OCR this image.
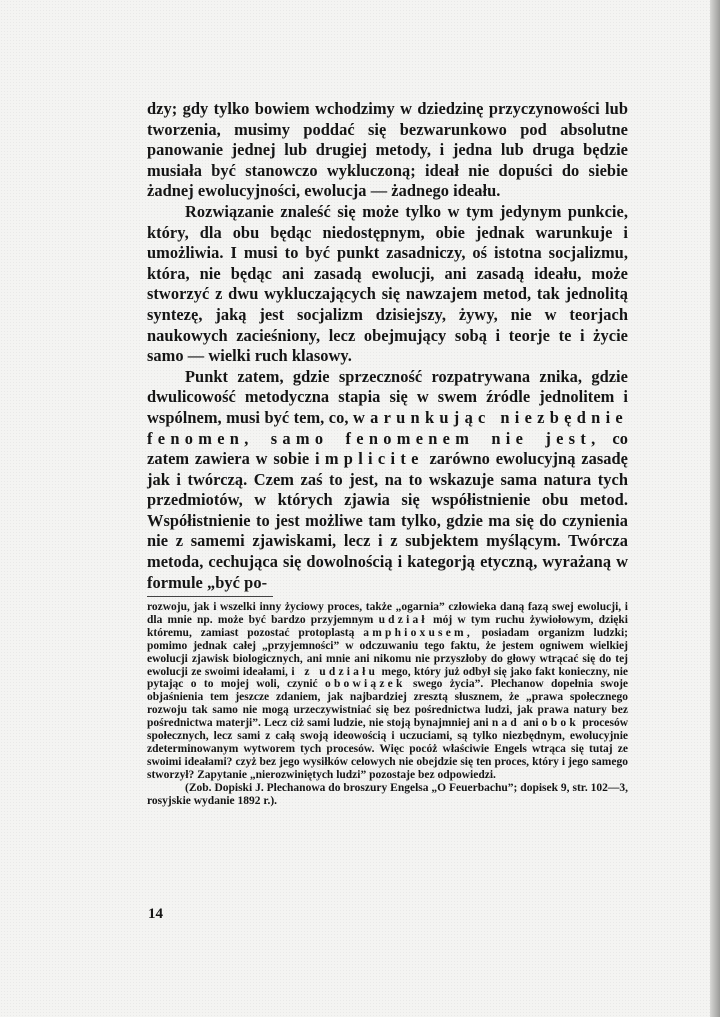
dzy; gdy tylko bowiem wchodzimy w dziedzinę przyczynowości lub tworzenia, musimy poddać się bezwarunkowo pod absolutne panowanie jednej lub drugiej metody, i jedna lub druga będzie musiała być stanowczo wykluczoną; ideał nie dopuści do siebie żadnej ewolucyjności, ewolucja — żadnego ideału.

Rozwiązanie znaleść się może tylko w tym jedynym punkcie, który, dla obu będąc niedostępnym, obie jednak warunkuje i umożliwia. I musi to być punkt zasadniczy, oś istotna socjalizmu, która, nie będąc ani zasadą ewolucji, ani zasadą ideału, może stworzyć z dwu wykluczających się nawzajem metod, tak jednolitą syntezę, jaką jest socjalizm dzisiejszy, żywy, nie w teorjach naukowych zacieśniony, lecz obejmujący sobą i teorje te i życie samo — wielki ruch klasowy.

Punkt zatem, gdzie sprzeczność rozpatrywana znika, gdzie dwulicowość metodyczna stapia się w swem źródle jednolitem i wspólnem, musi być tem, co, warunkując niezbędnie fenomen, samo fenomenem nie jest, co zatem zawiera w sobie implicite zarówno ewolucyjną zasadę jak i twórczą. Czem zaś to jest, na to wskazuje sama natura tych przedmiotów, w których zjawia się współistnienie obu metod. Współistnienie to jest możliwe tam tylko, gdzie ma się do czynienia nie z samemi zjawiskami, lecz i z subjektem myślącym. Twórcza metoda, cechująca się dowolnością i kategorją etyczną, wyrażaną w formule „być po-

rozwoju, jak i wszelki inny życiowy proces, także „ogarnia” człowieka daną fazą swej ewolucji, i dla mnie np. może być bardzo przyjemnym udział mój w tym ruchu żywiołowym, dzięki któremu, zamiast pozostać protoplastą amphioxusem, posiadam organizm ludzki; pomimo jednak całej „przyjemności” w odczuwaniu tego faktu, że jestem ogniwem wielkiej ewolucji zjawisk biologicznych, ani mnie ani nikomu nie przyszłoby do głowy wtrącać się do tej ewolucji ze swoimi ideałami, i z udziału mego, który już odbył się jako fakt konieczny, nie pytając o to mojej woli, czynić obowiązek swego życia”. Plechanow dopełnia swoje objaśnienia tem jeszcze zdaniem, jak najbardziej zresztą słusznem, że „prawa społecznego rozwoju tak samo nie mogą urzeczywistniać się bez pośrednictwa ludzi, jak prawa natury bez pośrednictwa materji”. Lecz ciż sami ludzie, nie stoją bynajmniej ani nad ani obok procesów społecznych, lecz sami z całą swoją ideowością i uczuciami, są tylko niezbędnym, ewolucyjnie zdeterminowanym wytworem tych procesów. Więc pocóż właściwie Engels wtrąca się tutaj ze swoimi ideałami? czyż bez jego wysiłków celowych nie obejdzie się ten proces, który i jego samego stworzył? Zapytanie „nierozwiniętych ludzi” pozostaje bez odpowiedzi.

(Zob. Dopiski J. Plechanowa do broszury Engelsa „O Feuerbachu”; dopisek 9, str. 102—3, rosyjskie wydanie 1892 r.).

14
